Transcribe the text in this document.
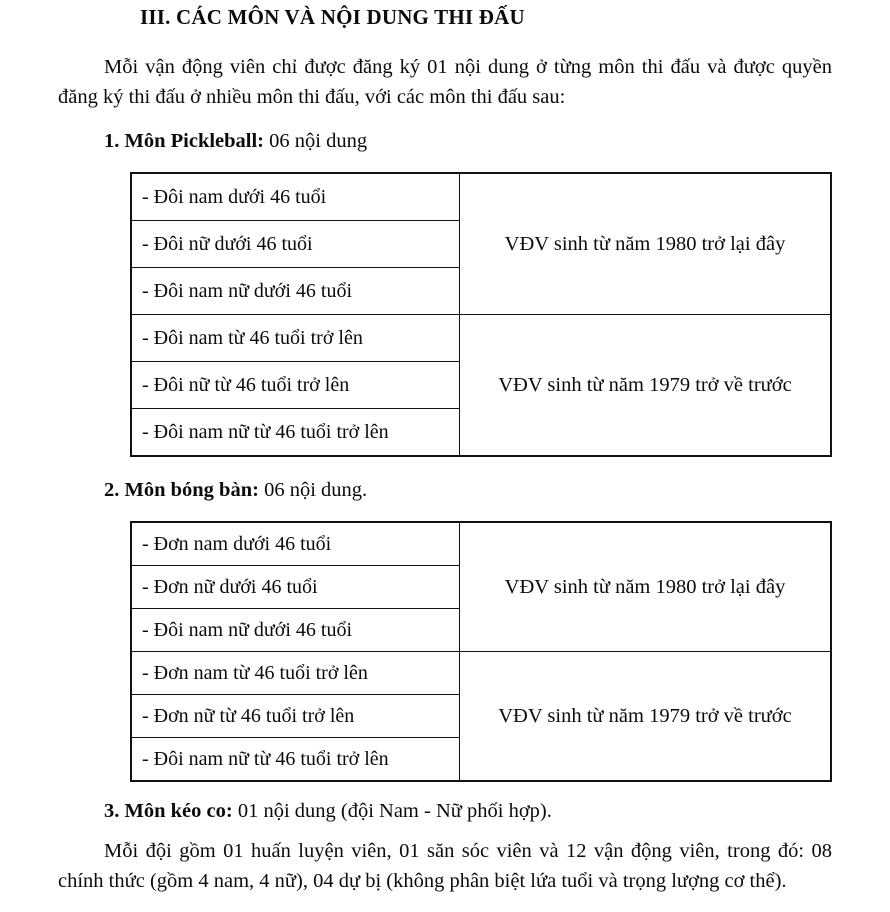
III. CÁC MÔN VÀ NỘI DUNG THI ĐẤU

Mỗi vận động viên chỉ được đăng ký 01 nội dung ở từng môn thi đấu và được quyền đăng ký thi đấu ở nhiều môn thi đấu, với các môn thi đấu sau:

1. Môn Pickleball: 06 nội dung

- Đôi nam dưới 46 tuổi	VĐV sinh từ năm 1980 trở lại đây
- Đôi nữ dưới 46 tuổi	
- Đôi nam nữ dưới 46 tuổi	
- Đôi nam từ 46 tuổi trở lên	VĐV sinh từ năm 1979 trở về trước
- Đôi nữ từ 46 tuổi trở lên	
- Đôi nam nữ từ 46 tuổi trở lên	

2. Môn bóng bàn: 06 nội dung.

- Đơn nam dưới 46 tuổi	VĐV sinh từ năm 1980 trở lại đây
- Đơn nữ dưới 46 tuổi	
- Đôi nam nữ dưới 46 tuổi	
- Đơn nam từ 46 tuổi trở lên	VĐV sinh từ năm 1979 trở về trước
- Đơn nữ từ 46 tuổi trở lên	
- Đôi nam nữ từ 46 tuổi trở lên	

3. Môn kéo co: 01 nội dung (đội Nam - Nữ phối hợp).

Mỗi đội gồm 01 huấn luyện viên, 01 săn sóc viên và 12 vận động viên, trong đó: 08 chính thức (gồm 4 nam, 4 nữ), 04 dự bị (không phân biệt lứa tuổi và trọng lượng cơ thể).
